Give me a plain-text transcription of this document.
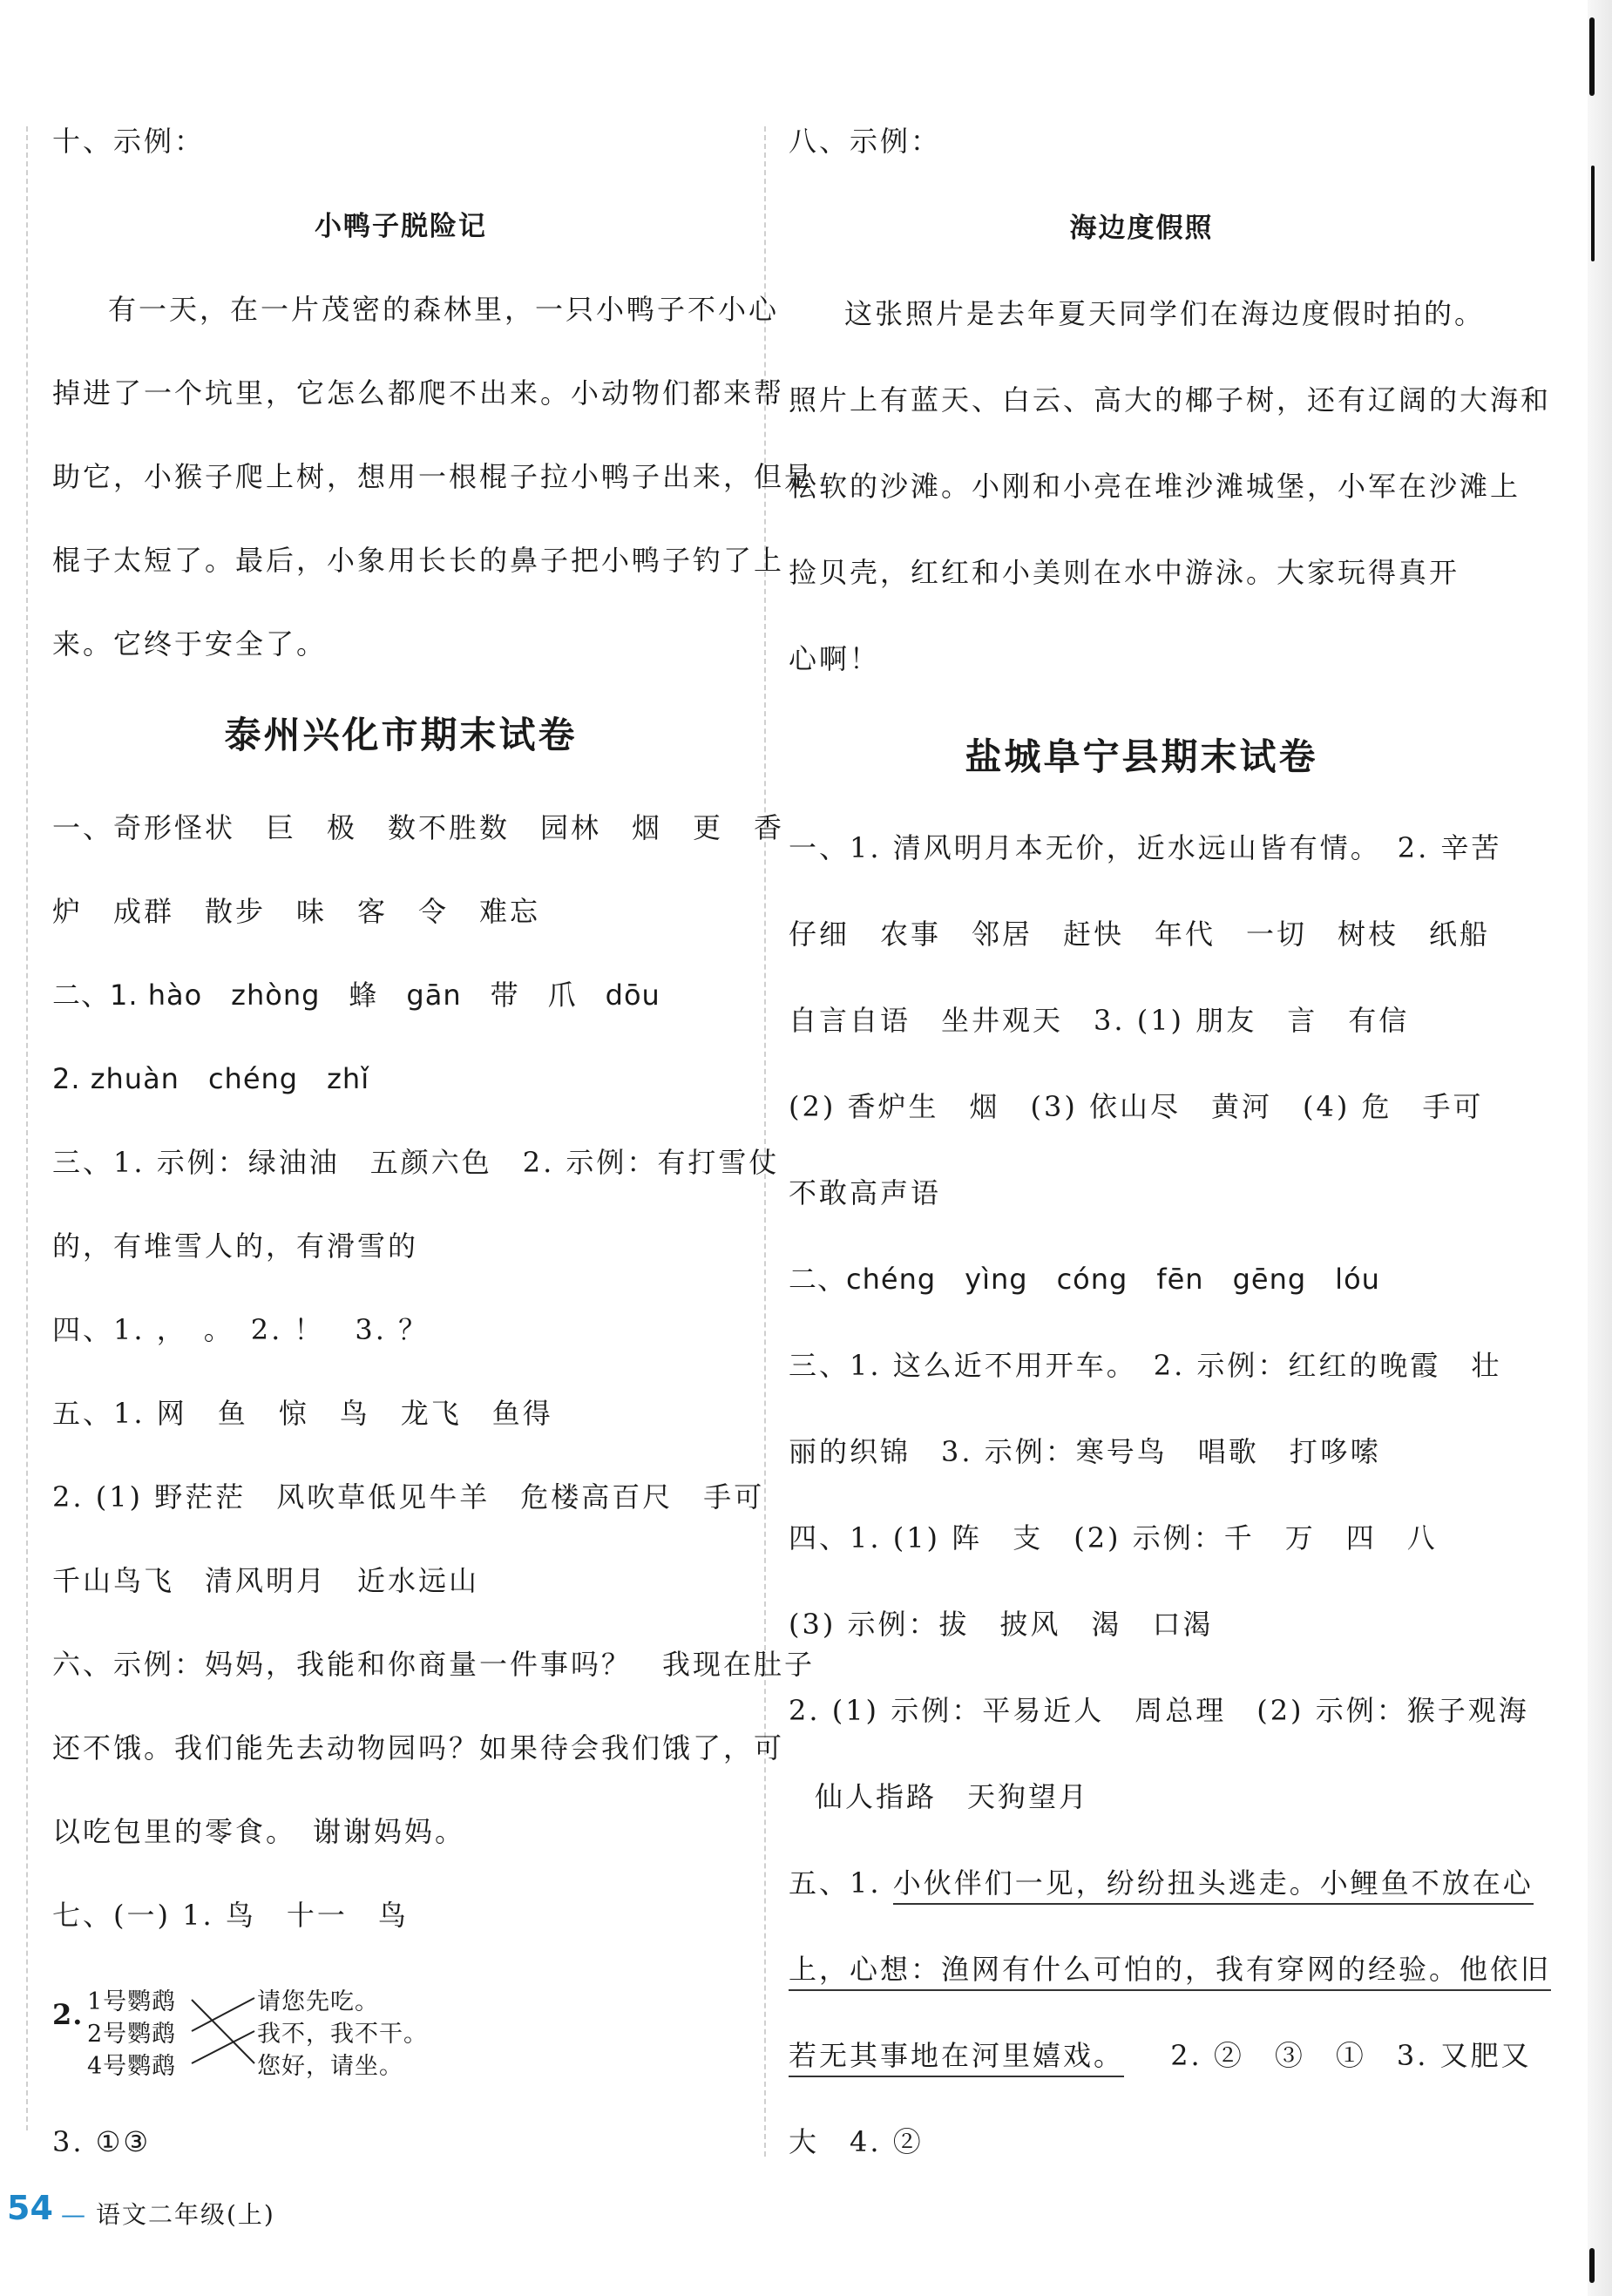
十、示例：
小鸭子脱险记
有一天，在一片茂密的森林里，一只小鸭子不小心
掉进了一个坑里，它怎么都爬不出来。小动物们都来帮
助它，小猴子爬上树，想用一根棍子拉小鸭子出来，但是
棍子太短了。最后，小象用长长的鼻子把小鸭子钓了上
来。它终于安全了。
泰州兴化市期末试卷
一、奇形怪状　巨　极　数不胜数　园林　烟　更　香
炉　成群　散步　味　客　令　难忘
二、1. hào　zhòng　蜂　gān　带　爪　dōu
2. zhuàn　chéng　zhǐ
三、1. 示例：绿油油　五颜六色　2. 示例：有打雪仗
的，有堆雪人的，有滑雪的
四、1. ，　。　2. ！　3. ？
五、1. 网　鱼　惊　鸟　龙飞　鱼得
2. (1) 野茫茫　风吹草低见牛羊　危楼高百尺　手可
千山鸟飞　清风明月　近水远山
六、示例：妈妈，我能和你商量一件事吗？　我现在肚子
还不饿。我们能先去动物园吗？如果待会我们饿了，可
以吃包里的零食。　谢谢妈妈。
七、(一) 1. 鸟　十一　鸟
2. 1号鹦鹉
2号鹦鹉
4号鹦鹉
请您先吃。
我不，我不干。
您好，请坐。
3. ①③
八、示例：
海边度假照
这张照片是去年夏天同学们在海边度假时拍的。
照片上有蓝天、白云、高大的椰子树，还有辽阔的大海和
松软的沙滩。小刚和小亮在堆沙滩城堡，小军在沙滩上
捡贝壳，红红和小美则在水中游泳。大家玩得真开
心啊！
盐城阜宁县期末试卷
一、1. 清风明月本无价，近水远山皆有情。　2. 辛苦
仔细　农事　邻居　赶快　年代　一切　树枝　纸船
自言自语　坐井观天　3. (1) 朋友　言　有信
(2) 香炉生　烟　(3) 依山尽　黄河　(4) 危　手可
不敢高声语
二、chéng　yìng　cóng　fēn　gēng　lóu
三、1. 这么近不用开车。　2. 示例：红红的晚霞　壮
丽的织锦　3. 示例：寒号鸟　唱歌　打哆嗦
四、1. (1) 阵　支　(2) 示例：千　万　四　八
(3) 示例：拔　披风　渴　口渴
2. (1) 示例：平易近人　周总理　(2) 示例：猴子观海
仙人指路　天狗望月
五、1. 小伙伴们一见，纷纷扭头逃走。小鲤鱼不放在心
上，心想：渔网有什么可怕的，我有穿网的经验。他依旧
若无其事地在河里嬉戏。 2. ②　③　①　3. 又肥又
大　4. ②
54 — 语文二年级(上)
